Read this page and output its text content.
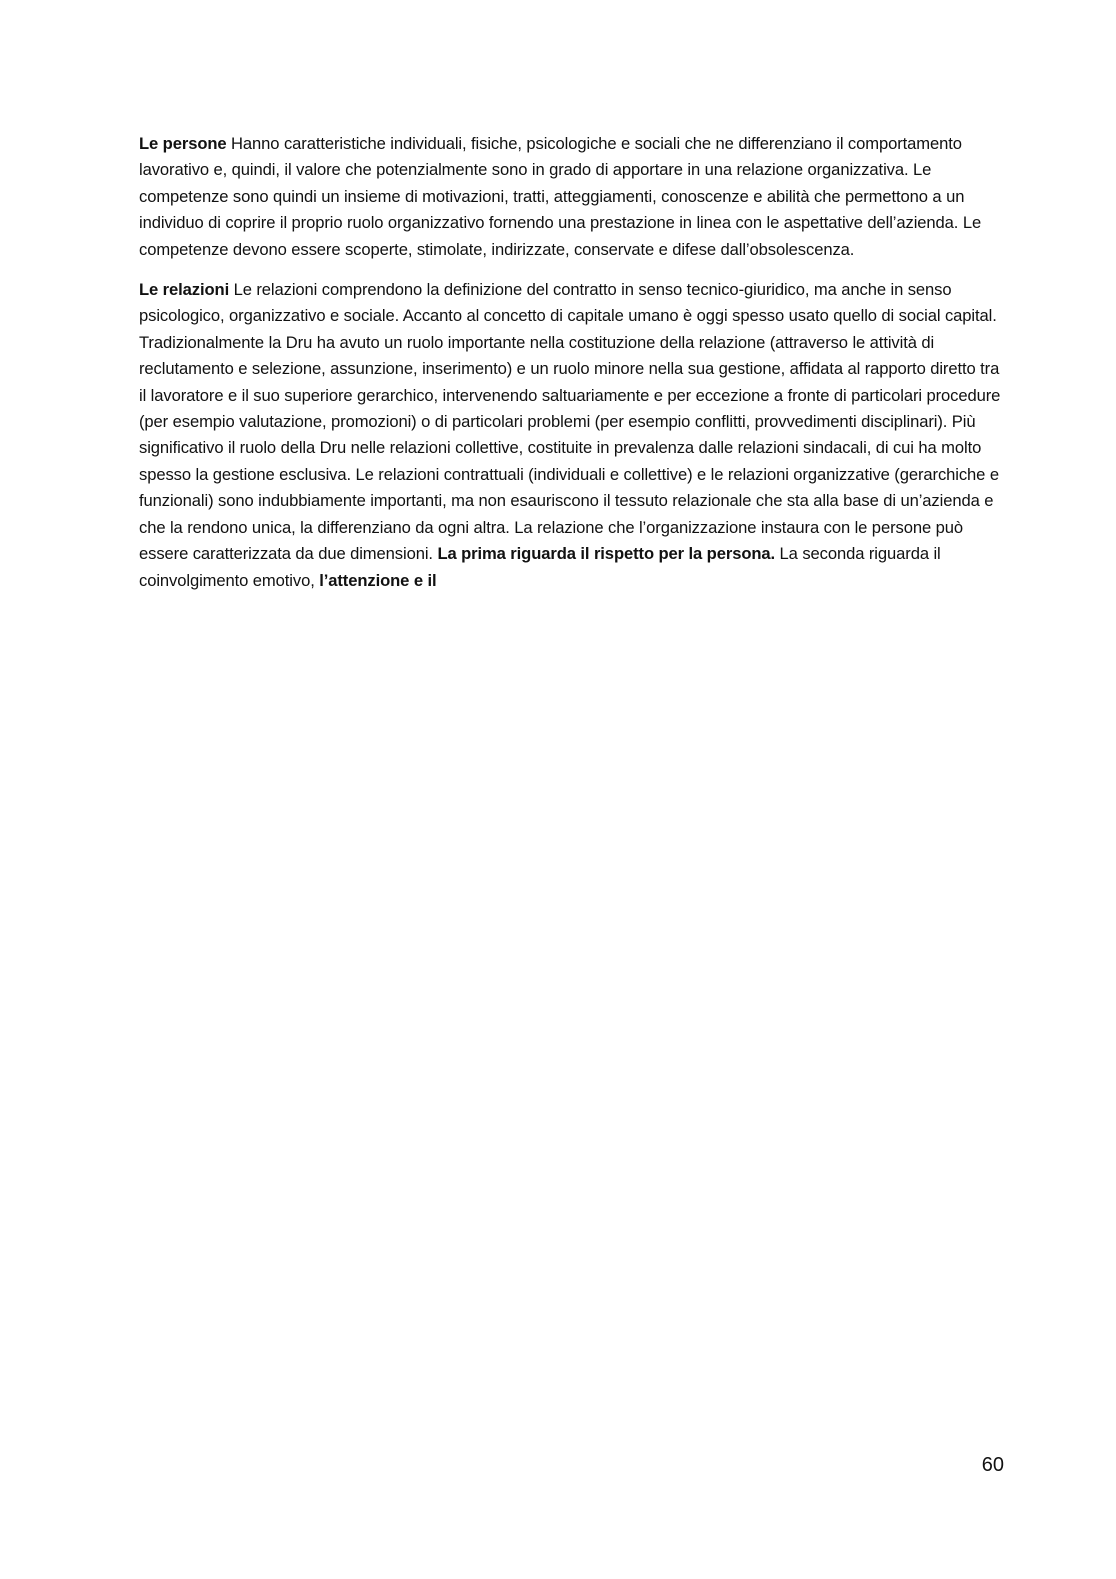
Le persone Hanno caratteristiche individuali, fisiche, psicologiche e sociali che ne differenziano il comportamento lavorativo e, quindi, il valore che potenzialmente sono in grado di apportare in una relazione organizzativa. Le competenze sono quindi un insieme di motivazioni, tratti, atteggiamenti, conoscenze e abilità che permettono a un individuo di coprire il proprio ruolo organizzativo fornendo una prestazione in linea con le aspettative dell’azienda. Le competenze devono essere scoperte, stimolate, indirizzate, conservate e difese dall’obsolescenza.

Le relazioni Le relazioni comprendono la definizione del contratto in senso tecnico-giuridico, ma anche in senso psicologico, organizzativo e sociale. Accanto al concetto di capitale umano è oggi spesso usato quello di social capital. Tradizionalmente la Dru ha avuto un ruolo importante nella costituzione della relazione (attraverso le attività di reclutamento e selezione, assunzione, inserimento) e un ruolo minore nella sua gestione, affidata al rapporto diretto tra il lavoratore e il suo superiore gerarchico, intervenendo saltuariamente e per eccezione a fronte di particolari procedure (per esempio valutazione, promozioni) o di particolari problemi (per esempio conflitti, provvedimenti disciplinari). Più significativo il ruolo della Dru nelle relazioni collettive, costituite in prevalenza dalle relazioni sindacali, di cui ha molto spesso la gestione esclusiva. Le relazioni contrattuali (individuali e collettive) e le relazioni organizzative (gerarchiche e funzionali) sono indubbiamente importanti, ma non esauriscono il tessuto relazionale che sta alla base di un’azienda e che la rendono unica, la differenziano da ogni altra. La relazione che l’organizzazione instaura con le persone può essere caratterizzata da due dimensioni. La prima riguarda il rispetto per la persona. La seconda riguarda il coinvolgimento emotivo, l’attenzione e il

60
